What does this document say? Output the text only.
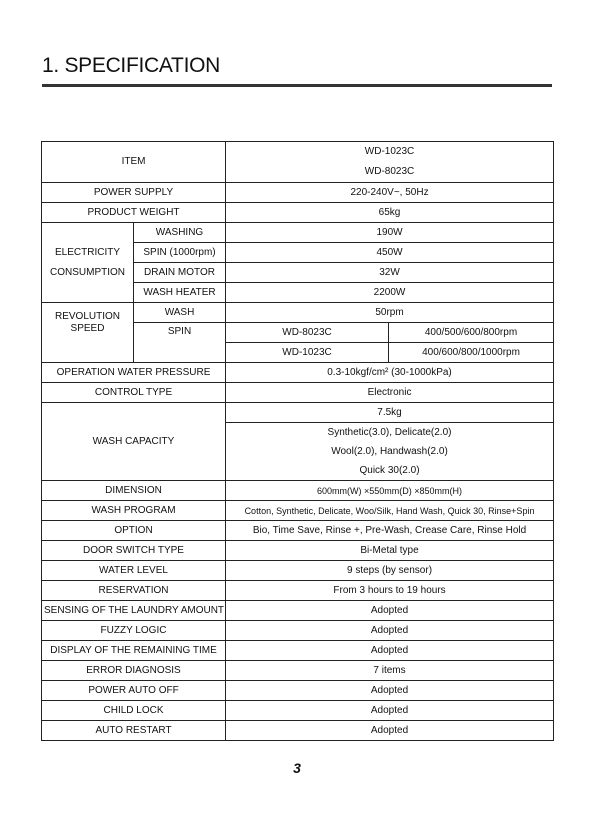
1. SPECIFICATION
ITEM		WD-1023C
WD-8023C	

POWER SUPPLY		220-240V~, 50Hz	
PRODUCT WEIGHT		65kg	

ELECTRICITY
CONSUMPTION	WASHING	190W	
	SPIN (1000rpm)	450W	
	DRAIN MOTOR	32W	
	WASH HEATER	2200W	

REVOLUTION
SPEED	WASH	50rpm	
	SPIN	WD-8023C	400/500/600/800rpm
		WD-1023C	400/600/800/1000rpm
OPERATION WATER PRESSURE		0.3-10kgf/cm² (30-1000kPa)	
CONTROL TYPE		Electronic	
WASH CAPACITY		7.5kg	
		Synthetic(3.0), Delicate(2.0)	
		Wool(2.0), Handwash(2.0)	
		Quick 30(2.0)	
DIMENSION		600mm(W) ×550mm(D) ×850mm(H)	
WASH PROGRAM		Cotton, Synthetic, Delicate, Woo/Silk, Hand Wash, Quick 30, Rinse+Spin	
OPTION		Bio, Time Save, Rinse +, Pre-Wash, Crease Care, Rinse Hold	
DOOR SWITCH TYPE		Bi-Metal type	
WATER LEVEL		9 steps (by sensor)	
RESERVATION		From 3 hours to 19 hours	
SENSING OF THE LAUNDRY AMOUNT		Adopted	
FUZZY LOGIC		Adopted	
DISPLAY OF THE REMAINING TIME		Adopted	
ERROR DIAGNOSIS		7 items	
POWER AUTO OFF		Adopted	
CHILD LOCK		Adopted	
AUTO RESTART		Adopted	
3
